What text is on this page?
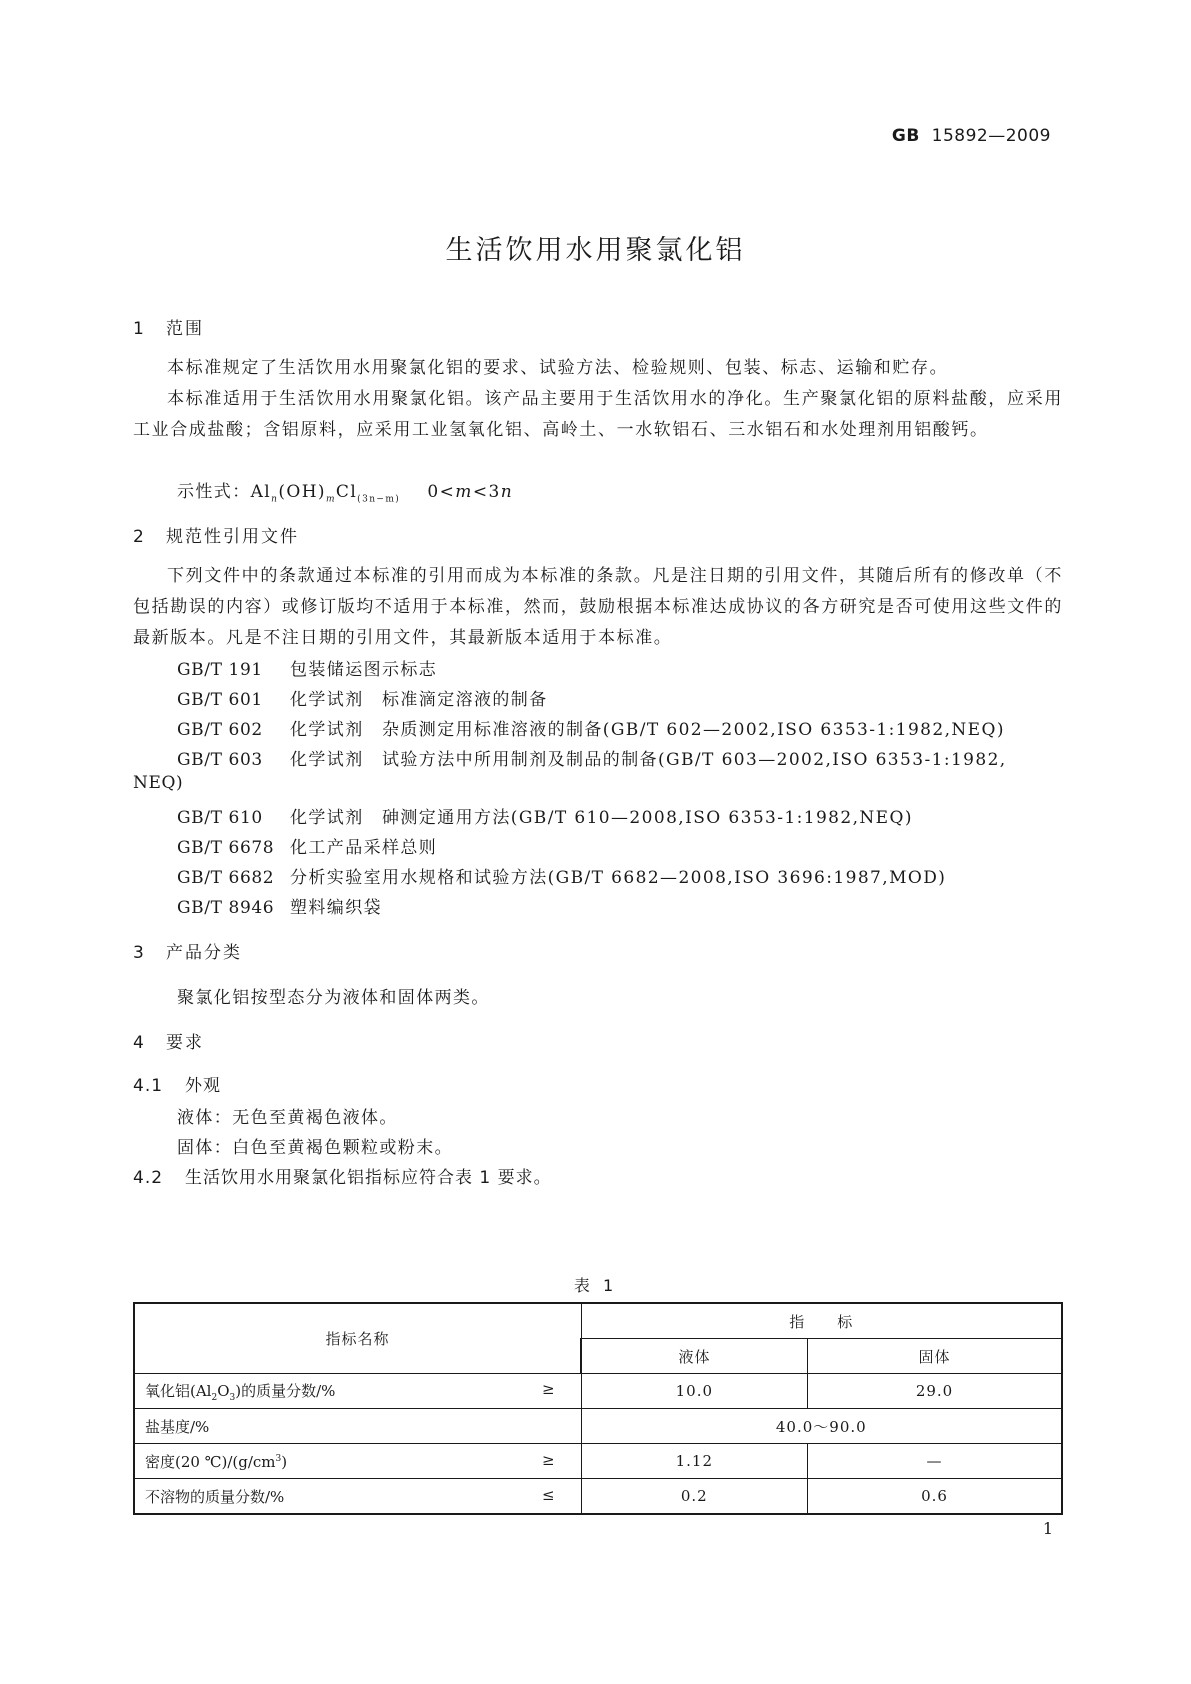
GB 15892—2009
生活饮用水用聚氯化铝
1 范围
本标准规定了生活饮用水用聚氯化铝的要求、试验方法、检验规则、包装、标志、运输和贮存。
本标准适用于生活饮用水用聚氯化铝。该产品主要用于生活饮用水的净化。生产聚氯化铝的原料盐酸，应采用工业合成盐酸；含铝原料，应采用工业氢氧化铝、高岭土、一水软铝石、三水铝石和水处理剂用铝酸钙。
示性式：$Al_n(OH)_mCl_{(3n-m)}$ 0<m<3n
2 规范性引用文件
下列文件中的条款通过本标准的引用而成为本标准的条款。凡是注日期的引用文件，其随后所有的修改单（不包括勘误的内容）或修订版均不适用于本标准，然而，鼓励根据本标准达成协议的各方研究是否可使用这些文件的最新版本。凡是不注日期的引用文件，其最新版本适用于本标准。
GB/T 191 包装储运图示标志
GB/T 601 化学试剂　标准滴定溶液的制备
GB/T 602 化学试剂　杂质测定用标准溶液的制备(GB/T 602—2002,ISO 6353-1:1982,NEQ)
GB/T 603 化学试剂　试验方法中所用制剂及制品的制备(GB/T 603—2002,ISO 6353-1:1982,
NEQ)
GB/T 610 化学试剂　砷测定通用方法(GB/T 610—2008,ISO 6353-1:1982,NEQ)
GB/T 6678 化工产品采样总则
GB/T 6682 分析实验室用水规格和试验方法(GB/T 6682—2008,ISO 3696:1987,MOD)
GB/T 8946 塑料编织袋
3 产品分类
聚氯化铝按型态分为液体和固体两类。
4 要求
4.1 外观
液体：无色至黄褐色液体。
固体：白色至黄褐色颗粒或粉末。
4.2 生活饮用水用聚氯化铝指标应符合表 1 要求。
表 1
指标名称	指　　标	
	液体	固体

氧化铝$(Al_2O_3)$的质量分数/% ≥	10.0	29.0

盐基度/%	40.0～90.0	

密度(20 $℃)/(g/cm^3)$ ≥	1.12	—

不溶物的质量分数/% ≤	0.2	0.6
1
